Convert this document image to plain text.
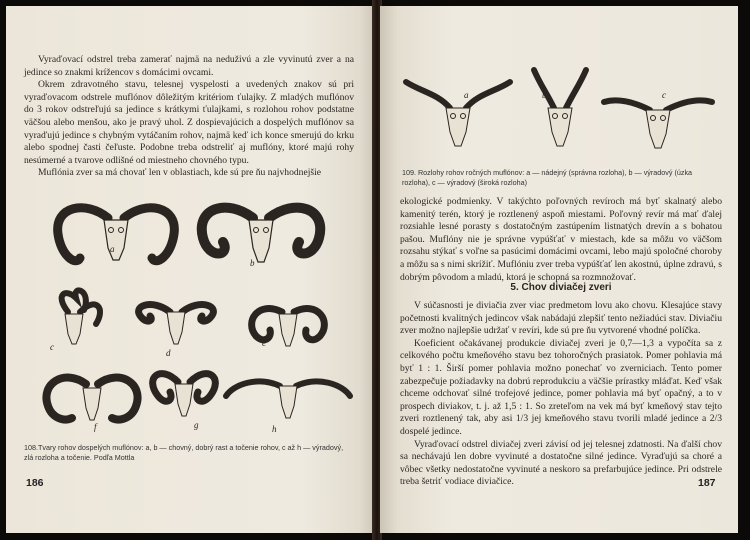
Vyraďovací odstrel treba zamerať najmä na neduživú a zle vyvinutú zver a na jedince so znakmi krížencov s domácimi ovcami.

Okrem zdravotného stavu, telesnej vyspelosti a uvedených znakov sú pri vyraďovacom odstrele muflónov dôležitým kritériom ťulajky. Z mladých muflónov do 3 rokov odstreľujú sa jedince s krátkymi ťulajkami, s rozlohou rohov podstatne väčšou alebo menšou, ako je pravý uhol. Z dospievajúcich a dospelých muflónov sa vyraďujú jedince s chybným vytáčaním rohov, najmä keď ich konce smerujú do krku alebo spodnej časti čeľuste. Podobne treba odstreliť aj muflóny, ktoré majú rohy nesúmerné a tvarove odlišné od miestneho chovného typu.

Muflónia zver sa má chovať len v oblastiach, kde sú pre ňu najvhodnejšie

a
b
c
d
e
f	g	h
108.Tvary rohov dospelých muflónov: a, b — chovný, dobrý rast a točenie rohov, c až h — výradový, zlá rozloha a točenie. Podľa Mottla
186
a	b	c
109. Rozlohy rohov ročných muflónov: a — nádejný (správna rozloha), b — výradový (úzka rozloha), c — výradový (široká rozloha)

ekologické podmienky. V takýchto poľovných revíroch má byť skalnatý alebo kamenitý terén, ktorý je roztlenený aspoň miestami. Poľovný revír má mať ďalej rozsiahle lesné porasty s dostatočným zastúpením listnatých drevín a s bohatou pašou. Muflóny nie je správne vypúšťať v miestach, kde sa môžu vo väčšom rozsahu stýkať s voľne sa pasúcimi domácimi ovcami, lebo majú spoločné choroby a môžu sa s nimi skrížiť. Muflóniu zver treba vypúšťať len akostnú, úplne zdravú, s dobrým pôvodom a mladú, ktorá je schopná sa rozmnožovať.

5. Chov diviačej zveri

V súčasnosti je diviačia zver viac predmetom lovu ako chovu. Klesajúce stavy početnosti kvalitných jedincov však nabádajú zlepšiť tento nežiadúci stav. Diviačiu zver možno najlepšie udržať v revíri, kde sú pre ňu vytvorené vhodné políčka.

Koeficient očakávanej produkcie diviačej zveri je 0,7—1,3 a vypočíta sa z celkového počtu kmeňového stavu bez tohoročných prasiatok. Pomer pohlavia má byť 1 : 1. Širší pomer pohlavia možno ponechať vo zverniciach. Tento pomer zabezpečuje požiadavky na dobrú reprodukciu a väčšie prírastky mláďat. Keď však chceme odchovať silné trofejové jedince, pomer pohlavia má byť opačný, a to v prospech diviakov, t. j. až 1,5 : 1. So zreteľom na vek má byť kmeňový stav tejto zveri roztlenený tak, aby asi 1/3 jej kmeňového stavu tvorili mladé jedince a 2/3 dospelé jedince.

Vyraďovací odstrel diviačej zveri závisí od jej telesnej zdatnosti. Na ďalší chov sa nechávajú len dobre vyvinuté a dostatočne silné jedince. Vyraďujú sa choré a vôbec všetky nedostatočne vyvinuté a neskoro sa prefarbujúce jedince. Pri odstrele treba šetriť vodiace diviačice.	187
